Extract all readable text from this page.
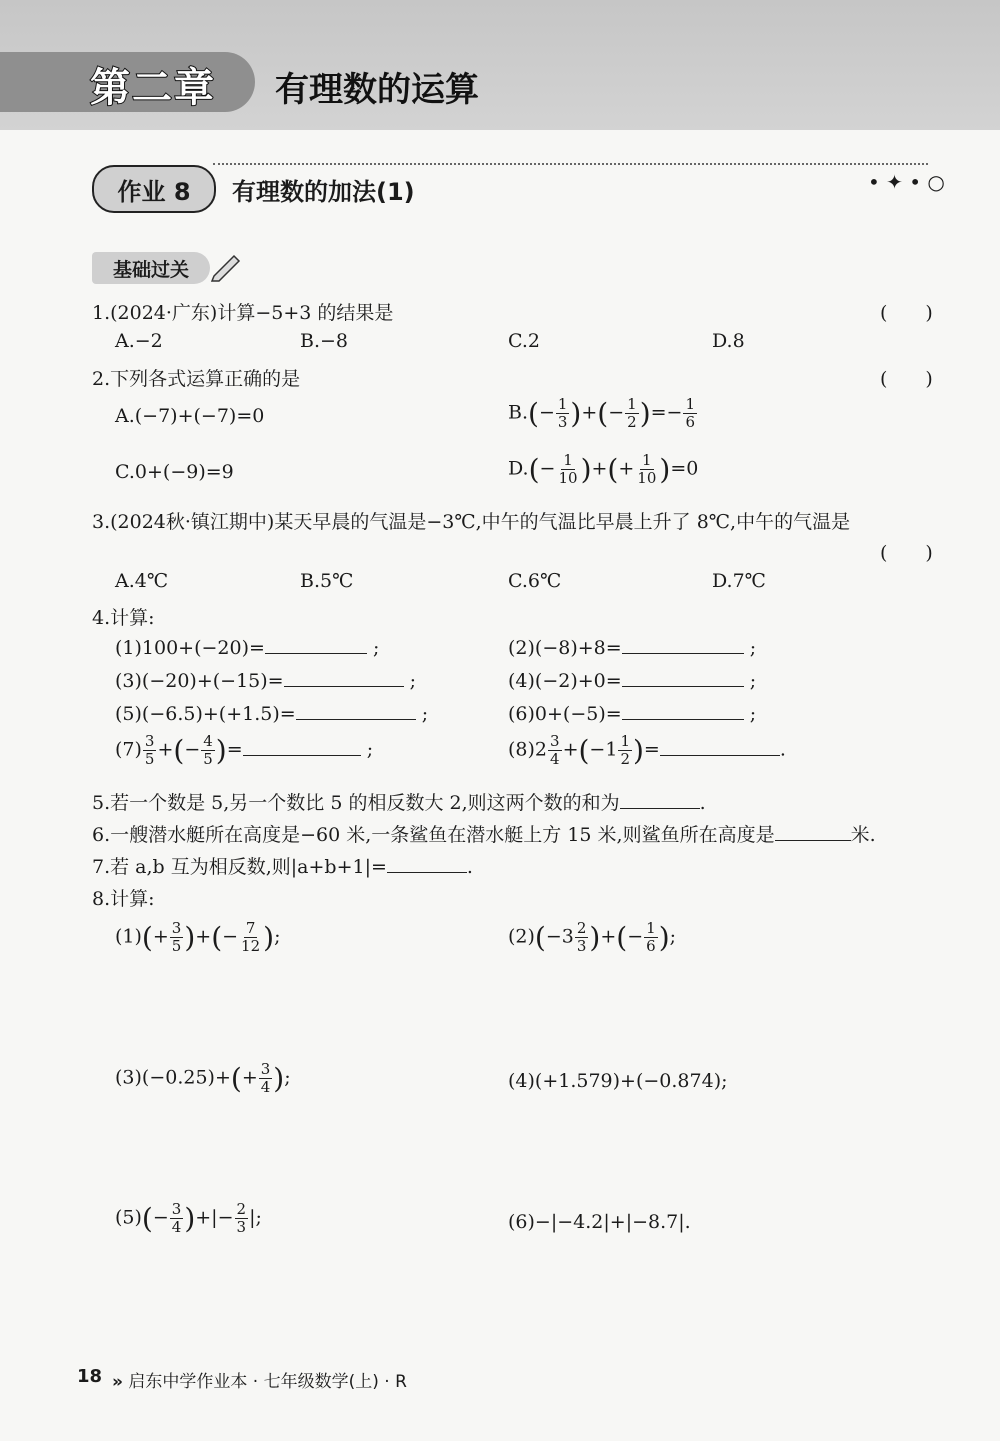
第二章 有理数的运算
• ✦ • ○
作业 8	有理数的加法(1)
基础过关
1.(2024·广东)计算−5+3 的结果是	(　　)
A.−2	B.−8	C.2	D.8
2.下列各式运算正确的是	(　　)
A.(−7)+(−7)=0	$B.(- \frac{1}{3}$ )+(− $\frac{1}{2}$ )=− $\frac{1}{6}$
C.0+(−9)=9	$D.(- \frac{1}{10}$ )+(+ $\frac{1}{10} )=0$
3.(2024秋·镇江期中)某天早晨的气温是−3℃,中午的气温比早晨上升了 8℃,中午的气温是
(　　)
A.4℃	B.5℃	C.6℃	D.7℃
4.计算:
(1)100+(−20)=	;	(2)(−8)+8=	;
(3)(−20)+(−15)=	;	(4)(−2)+0=	;
(5)(−6.5)+(+1.5)=	;	(6)0+(−5)=	;
$(7) \frac{3}{5}$ +(− $\frac{4}{5}$ )=	;	$(8)2 \frac{3}{4} +(-1 \frac{1}{2}$ )=	.
5.若一个数是 5,另一个数比 5 的相反数大 2,则这两个数的和为	.
6.一艘潜水艇所在高度是−60 米,一条鲨鱼在潜水艇上方 15 米,则鲨鱼所在高度是	米.
7.若 a,b 互为相反数,则|a+b+1|=	.
8.计算:
$(1)(+ \frac{3}{5}$ )+(− $\frac{7}{12}$ );	$(2)(-3 \frac{2}{3}$ )+(− $\frac{1}{6}$ );
$(3)(-0.25)+(+ \frac{3}{4}$ );	(4)(+1.579)+(−0.874);
$(5)(- \frac{3}{4}$ )+|− $\frac{2}{3}$ |;	(6)−|−4.2|+|−8.7|.
18 » 启东中学作业本 · 七年级数学(上) · R
